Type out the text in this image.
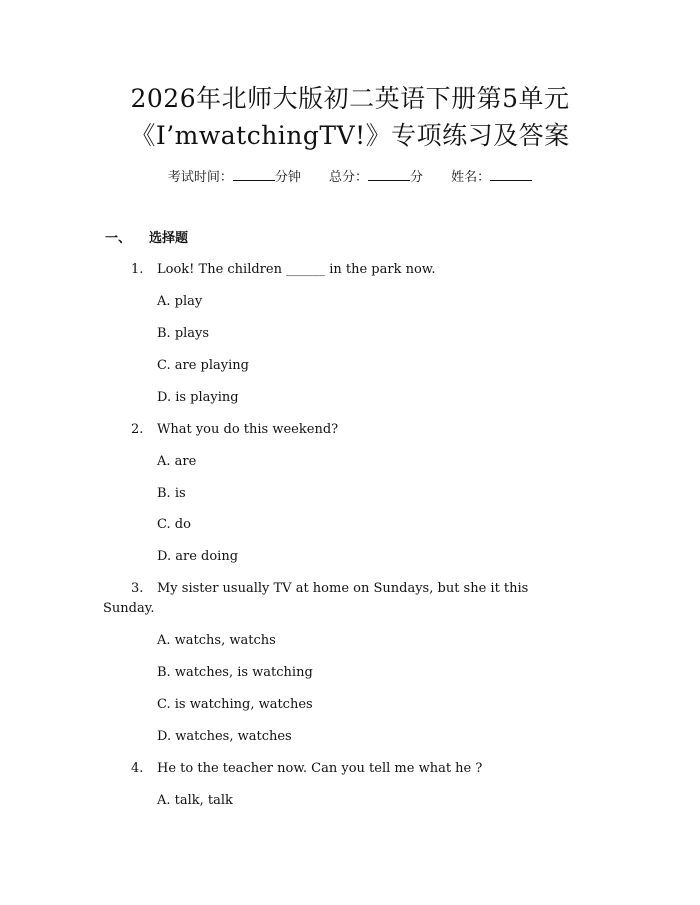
2026年北师大版初二英语下册第5单元
《I’mwatchingTV!》专项练习及答案
考试时间：	分钟 总分：	分 姓名：
一、 选择题
1. Look! The children ______ in the park now.
A. play
B. plays
C. are playing
D. is playing
2. What you do this weekend?
A. are
B. is
C. do
D. are doing
3. My sister usually TV at home on Sundays, but she it this
Sunday.
A. watchs, watchs
B. watches, is watching
C. is watching, watches
D. watches, watches
4. He to the teacher now. Can you tell me what he ?
A. talk, talk
